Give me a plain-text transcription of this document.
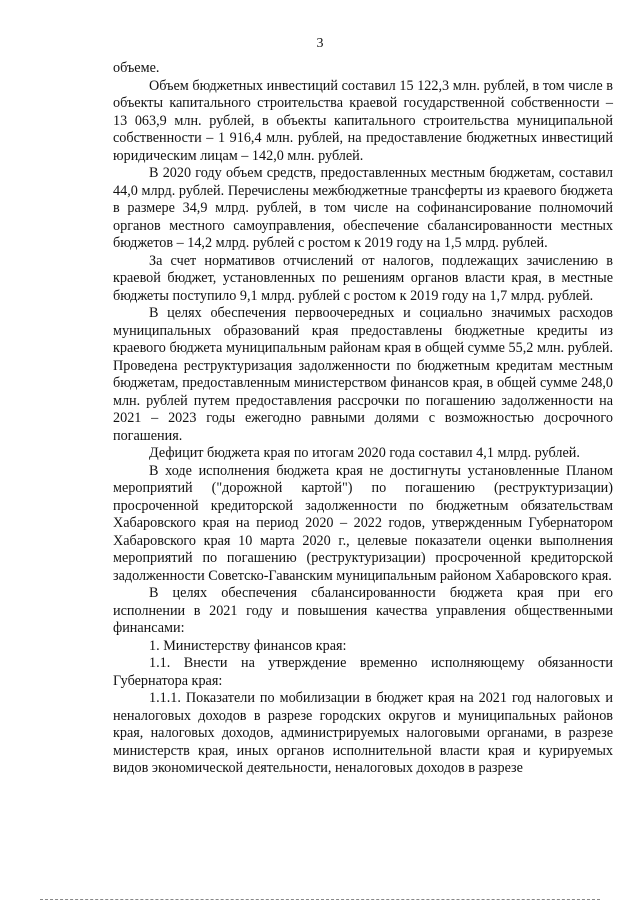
3

объеме.

Объем бюджетных инвестиций составил 15 122,3 млн. рублей, в том числе в объекты капитального строительства краевой государственной собственности – 13 063,9 млн. рублей, в объекты капитального строительства муниципальной собственности – 1 916,4 млн. рублей, на предоставление бюджетных инвестиций юридическим лицам – 142,0 млн. рублей.

В 2020 году объем средств, предоставленных местным бюджетам, составил 44,0 млрд. рублей. Перечислены межбюджетные трансферты из краевого бюджета в размере 34,9 млрд. рублей, в том числе на софинансирование полномочий органов местного самоуправления, обеспечение сбалансированности местных бюджетов – 14,2 млрд. рублей с ростом к 2019 году на 1,5 млрд. рублей.

За счет нормативов отчислений от налогов, подлежащих зачислению в краевой бюджет, установленных по решениям органов власти края, в местные бюджеты поступило 9,1 млрд. рублей с ростом к 2019 году на 1,7 млрд. рублей.

В целях обеспечения первоочередных и социально значимых расходов муниципальных образований края предоставлены бюджетные кредиты из краевого бюджета муниципальным районам края в общей сумме 55,2 млн. рублей. Проведена реструктуризация задолженности по бюджетным кредитам местным бюджетам, предоставленным министерством финансов края, в общей сумме 248,0 млн. рублей путем предоставления рассрочки по погашению задолженности на 2021 – 2023 годы ежегодно равными долями с возможностью досрочного погашения.

Дефицит бюджета края по итогам 2020 года составил 4,1 млрд. рублей.

В ходе исполнения бюджета края не достигнуты установленные Планом мероприятий ("дорожной картой") по погашению (реструктуризации) просроченной кредиторской задолженности по бюджетным обязательствам Хабаровского края на период 2020 – 2022 годов, утвержденным Губернатором Хабаровского края 10 марта 2020 г., целевые показатели оценки выполнения мероприятий по погашению (реструктуризации) просроченной кредиторской задолженности Советско-Гаванским муниципальным районом Хабаровского края.

В целях обеспечения сбалансированности бюджета края при его исполнении в 2021 году и повышения качества управления общественными финансами:

1. Министерству финансов края:

1.1. Внести на утверждение временно исполняющему обязанности Губернатора края:

1.1.1. Показатели по мобилизации в бюджет края на 2021 год налоговых и неналоговых доходов в разрезе городских округов и муниципальных районов края, налоговых доходов, администрируемых налоговыми органами, в разрезе министерств края, иных органов исполнительной власти края и курируемых видов экономической деятельности, неналоговых доходов в разрезе
